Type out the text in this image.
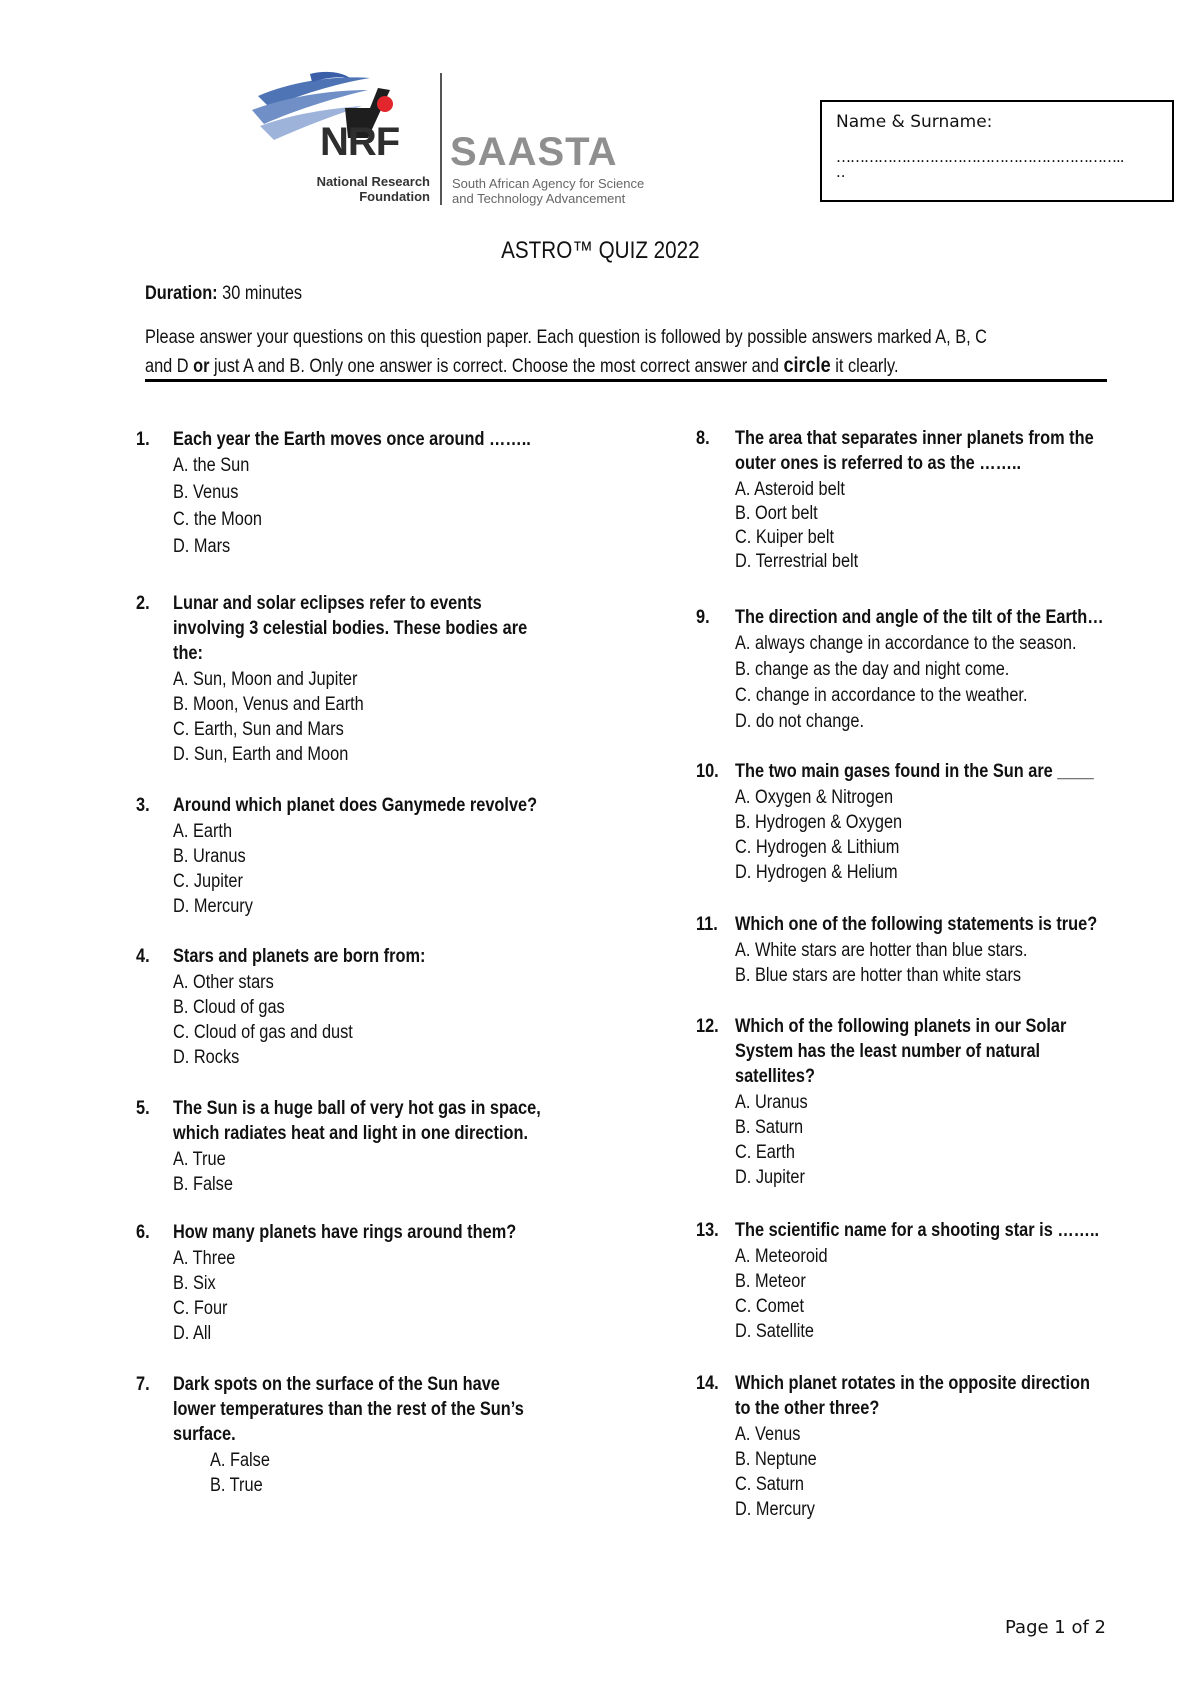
NRF
National Research
Foundation
SAASTA
South African Agency for Science
and Technology Advancement
Name & Surname:
……………………………………………………..
..
ASTRO™ QUIZ 2022
Duration: 30 minutes
Please answer your questions on this question paper. Each question is followed by possible answers marked A, B, C
and D or just A and B. Only one answer is correct. Choose the most correct answer and circle it clearly.
1. Each year the Earth moves once around ……..
A. the Sun
B. Venus
C. the Moon
D. Mars
2. Lunar and solar eclipses refer to events
involving 3 celestial bodies. These bodies are
the:
A. Sun, Moon and Jupiter
B. Moon, Venus and Earth
C. Earth, Sun and Mars
D. Sun, Earth and Moon
3. Around which planet does Ganymede revolve?
A. Earth
B. Uranus
C. Jupiter
D. Mercury
4. Stars and planets are born from:
A. Other stars
B. Cloud of gas
C. Cloud of gas and dust
D. Rocks
5. The Sun is a huge ball of very hot gas in space,
which radiates heat and light in one direction.
A. True
B. False
6. How many planets have rings around them?
A. Three
B. Six
C. Four
D. All
7. Dark spots on the surface of the Sun have
lower temperatures than the rest of the Sun’s
surface.
A. False
B. True
8. The area that separates inner planets from the
outer ones is referred to as the ……..
A. Asteroid belt
B. Oort belt
C. Kuiper belt
D. Terrestrial belt
9. The direction and angle of the tilt of the Earth…
A. always change in accordance to the season.
B. change as the day and night come.
C. change in accordance to the weather.
D. do not change.
10. The two main gases found in the Sun are ____
A. Oxygen & Nitrogen
B. Hydrogen & Oxygen
C. Hydrogen & Lithium
D. Hydrogen & Helium
11. Which one of the following statements is true?
A. White stars are hotter than blue stars.
B. Blue stars are hotter than white stars
12. Which of the following planets in our Solar
System has the least number of natural
satellites?
A. Uranus
B. Saturn
C. Earth
D. Jupiter
13. The scientific name for a shooting star is ……..
A. Meteoroid
B. Meteor
C. Comet
D. Satellite
14. Which planet rotates in the opposite direction
to the other three?
A. Venus
B. Neptune
C. Saturn
D. Mercury
Page 1 of 2
